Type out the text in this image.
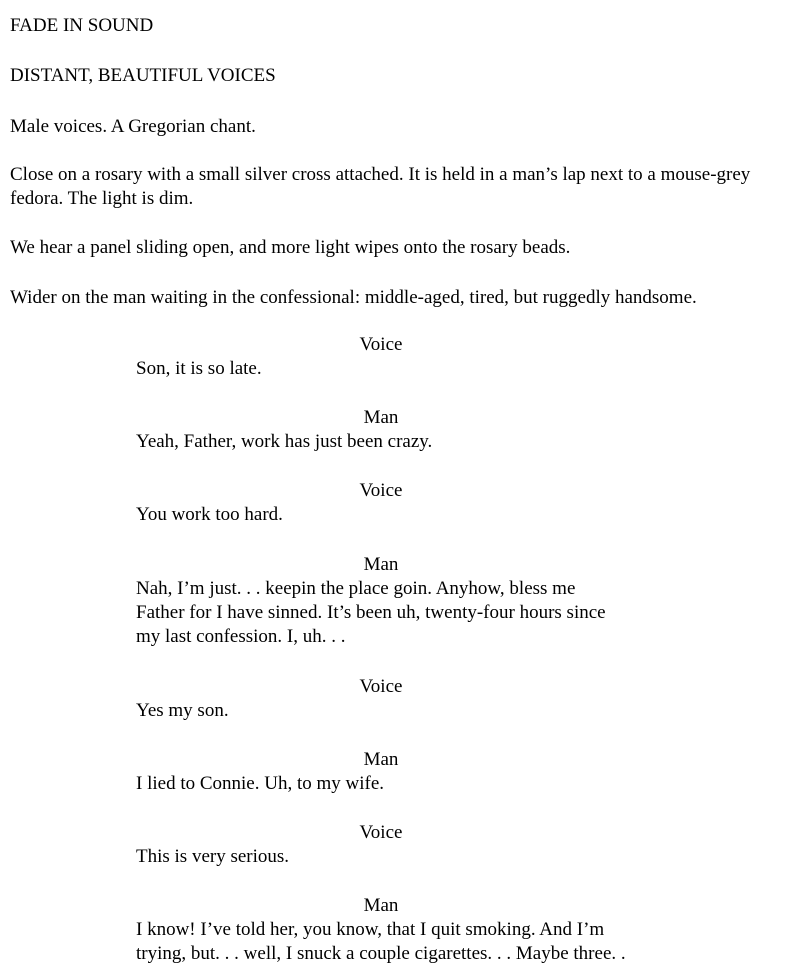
FADE IN SOUND

DISTANT, BEAUTIFUL VOICES

Male voices. A Gregorian chant.

Close on a rosary with a small silver cross attached. It is held in a man’s lap next to a mouse-grey fedora. The light is dim.

We hear a panel sliding open, and more light wipes onto the rosary beads.

Wider on the man waiting in the confessional: middle-aged, tired, but ruggedly handsome.

Voice

Son, it is so late.

Man

Yeah, Father, work has just been crazy.

Voice

You work too hard.

Man

Nah, I’m just. . . keepin the place goin. Anyhow, bless me
Father for I have sinned. It’s been uh, twenty-four hours since
my last confession. I, uh. . .

Voice

Yes my son.

Man

I lied to Connie. Uh, to my wife.

Voice

This is very serious.

Man

I know! I’ve told her, you know, that I quit smoking. And I’m
trying, but. . . well, I snuck a couple cigarettes. . . Maybe three. .
